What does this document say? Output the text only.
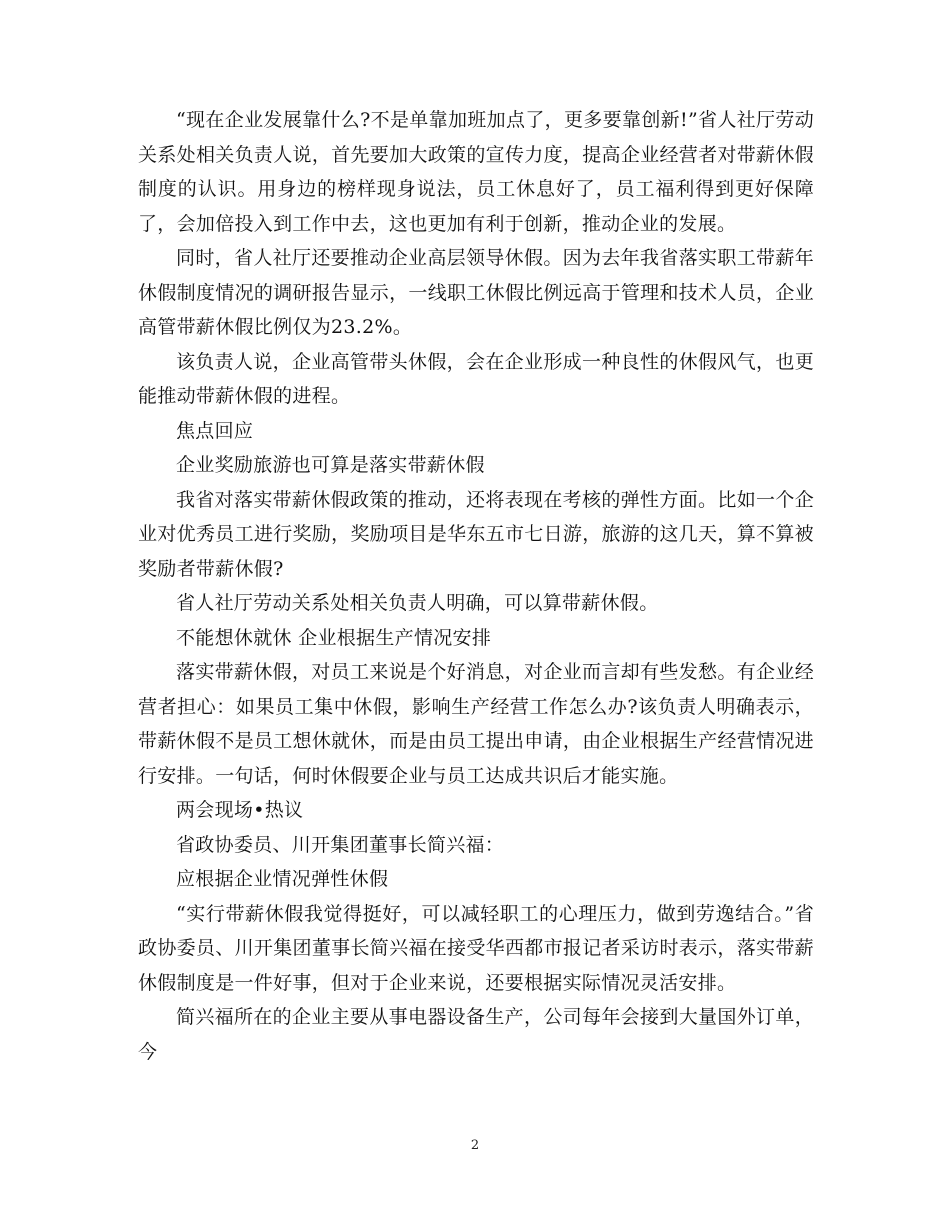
“现在企业发展靠什么?不是单靠加班加点了，更多要靠创新!”省人社厅劳动关系处相关负责人说，首先要加大政策的宣传力度，提高企业经营者对带薪休假制度的认识。用身边的榜样现身说法，员工休息好了，员工福利得到更好保障了，会加倍投入到工作中去，这也更加有利于创新，推动企业的发展。

同时，省人社厅还要推动企业高层领导休假。因为去年我省落实职工带薪年休假制度情况的调研报告显示，一线职工休假比例远高于管理和技术人员，企业高管带薪休假比例仅为23.2%。

该负责人说，企业高管带头休假，会在企业形成一种良性的休假风气，也更能推动带薪休假的进程。

焦点回应

企业奖励旅游也可算是落实带薪休假

我省对落实带薪休假政策的推动，还将表现在考核的弹性方面。比如一个企业对优秀员工进行奖励，奖励项目是华东五市七日游，旅游的这几天，算不算被奖励者带薪休假?

省人社厅劳动关系处相关负责人明确，可以算带薪休假。

不能想休就休 企业根据生产情况安排

落实带薪休假，对员工来说是个好消息，对企业而言却有些发愁。有企业经营者担心：如果员工集中休假，影响生产经营工作怎么办?该负责人明确表示，带薪休假不是员工想休就休，而是由员工提出申请，由企业根据生产经营情况进行安排。一句话，何时休假要企业与员工达成共识后才能实施。

两会现场•热议

省政协委员、川开集团董事长简兴福：

应根据企业情况弹性休假

“实行带薪休假我觉得挺好，可以减轻职工的心理压力，做到劳逸结合。”省政协委员、川开集团董事长简兴福在接受华西都市报记者采访时表示，落实带薪休假制度是一件好事，但对于企业来说，还要根据实际情况灵活安排。

简兴福所在的企业主要从事电器设备生产，公司每年会接到大量国外订单，今

2
